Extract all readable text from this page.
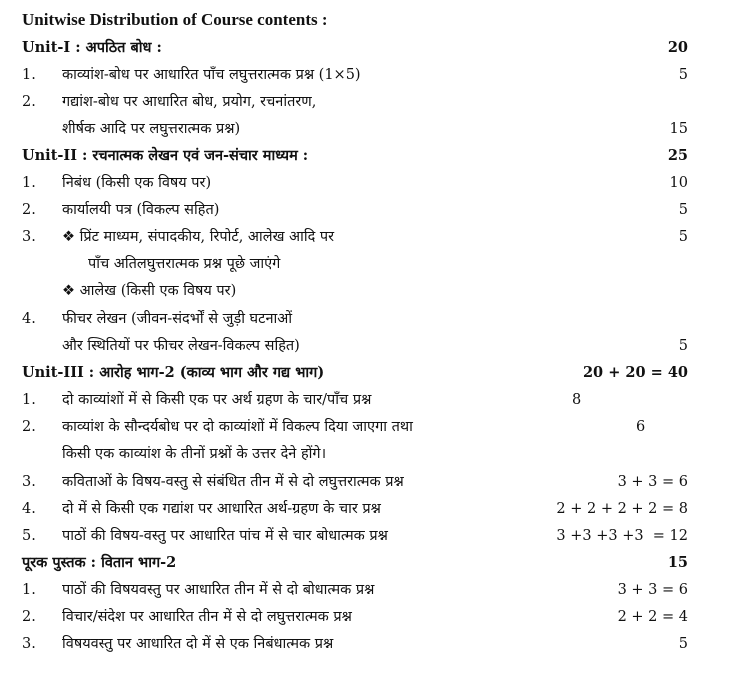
Unitwise Distribution of Course contents :
Unit-I : अपठित बोध :	20
1. काव्यांश-बोध पर आधारित पाँच लघुत्तरात्मक प्रश्न (1×5)	5
2. गद्यांश-बोध पर आधारित बोध, प्रयोग, रचनांतरण,
शीर्षक आदि पर लघुत्तरात्मक प्रश्न)	15
Unit-II : रचनात्मक लेखन एवं जन-संचार माध्यम :	25
1. निबंध (किसी एक विषय पर)	10
2. कार्यालयी पत्र (विकल्प सहित)	5
3. ❖ प्रिंट माध्यम, संपादकीय, रिपोर्ट, आलेख आदि पर	5
पाँच अतिलघुत्तरात्मक प्रश्न पूछे जाएंगे
❖ आलेख (किसी एक विषय पर)
4. फीचर लेखन (जीवन-संदर्भों से जुड़ी घटनाओं
और स्थितियों पर फीचर लेखन-विकल्प सहित)	5
Unit-III : आरोह भाग-2 (काव्य भाग और गद्य भाग)	20 + 20 = 40
1. दो काव्यांशों में से किसी एक पर अर्थ ग्रहण के चार/पाँच प्रश्न	8
2. काव्यांश के सौन्दर्यबोध पर दो काव्यांशों में विकल्प दिया जाएगा तथा	6
किसी एक काव्यांश के तीनों प्रश्नों के उत्तर देने होंगे।
3. कविताओं के विषय-वस्तु से संबंधित तीन में से दो लघुत्तरात्मक प्रश्न	3 + 3 = 6
4. दो में से किसी एक गद्यांश पर आधारित अर्थ-ग्रहण के चार प्रश्न	2 + 2 + 2 + 2 = 8
5. पाठों की विषय-वस्तु पर आधारित पांच में से चार बोधात्मक प्रश्न	3 +3 +3 +3  = 12
पूरक पुस्तक : वितान भाग-2	15
1. पाठों की विषयवस्तु पर आधारित तीन में से दो बोधात्मक प्रश्न	3 + 3 = 6
2. विचार/संदेश पर आधारित तीन में से दो लघुत्तरात्मक प्रश्न	2 + 2 = 4
3. विषयवस्तु पर आधारित दो में से एक निबंधात्मक प्रश्न	5
